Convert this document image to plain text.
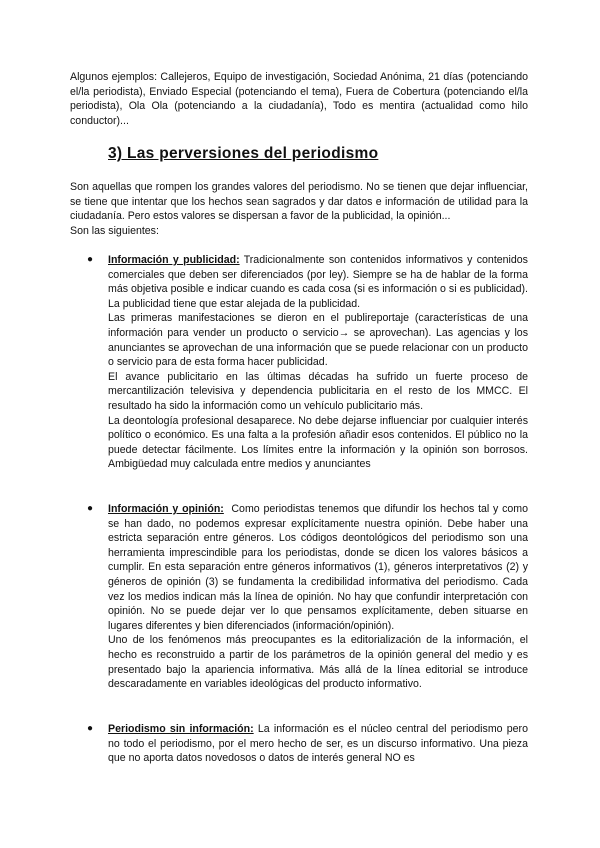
Algunos ejemplos: Callejeros, Equipo de investigación, Sociedad Anónima, 21 días (potenciando el/la periodista), Enviado Especial (potenciando el tema), Fuera de Cobertura (potenciando el/la periodista), Ola Ola (potenciando a la ciudadanía), Todo es mentira (actualidad como hilo conductor)...

3) Las perversiones del periodismo

Son aquellas que rompen los grandes valores del periodismo. No se tienen que dejar influenciar, se tiene que intentar que los hechos sean sagrados y dar datos e información de utilidad para la ciudadanía. Pero estos valores se dispersan a favor de la publicidad, la opinión...

Son las siguientes:

●	Información y publicidad: Tradicionalmente son contenidos informativos y contenidos comerciales que deben ser diferenciados (por ley). Siempre se ha de hablar de la forma más objetiva posible e indicar cuando es cada cosa (si es información o si es publicidad). La publicidad tiene que estar alejada de la publicidad.

Las primeras manifestaciones se dieron en el publireportaje (características de una información para vender un producto o servicio→ se aprovechan). Las agencias y los anunciantes se aprovechan de una información que se puede relacionar con un producto o servicio para de esta forma hacer publicidad.

El avance publicitario en las últimas décadas ha sufrido un fuerte proceso de mercantilización televisiva y dependencia publicitaria en el resto de los MMCC. El resultado ha sido la información como un vehículo publicitario más.

La deontología profesional desaparece. No debe dejarse influenciar por cualquier interés político o económico. Es una falta a la profesión añadir esos contenidos. El público no la puede detectar fácilmente. Los límites entre la información y la opinión son borrosos. Ambigüedad muy calculada entre medios y anunciantes

●	Información y opinión: Como periodistas tenemos que difundir los hechos tal y como se han dado, no podemos expresar explícitamente nuestra opinión. Debe haber una estricta separación entre géneros. Los códigos deontológicos del periodismo son una herramienta imprescindible para los periodistas, donde se dicen los valores básicos a cumplir. En esta separación entre géneros informativos (1), géneros interpretativos (2) y géneros de opinión (3) se fundamenta la credibilidad informativa del periodismo. Cada vez los medios indican más la línea de opinión. No hay que confundir interpretación con opinión. No se puede dejar ver lo que pensamos explícitamente, deben situarse en lugares diferentes y bien diferenciados (información/opinión).

Uno de los fenómenos más preocupantes es la editorialización de la información, el hecho es reconstruido a partir de los parámetros de la opinión general del medio y es presentado bajo la apariencia informativa. Más allá de la línea editorial se introduce descaradamente en variables ideológicas del producto informativo.

●	Periodismo sin información: La información es el núcleo central del periodismo pero no todo el periodismo, por el mero hecho de ser, es un discurso informativo. Una pieza que no aporta datos novedosos o datos de interés general NO es
